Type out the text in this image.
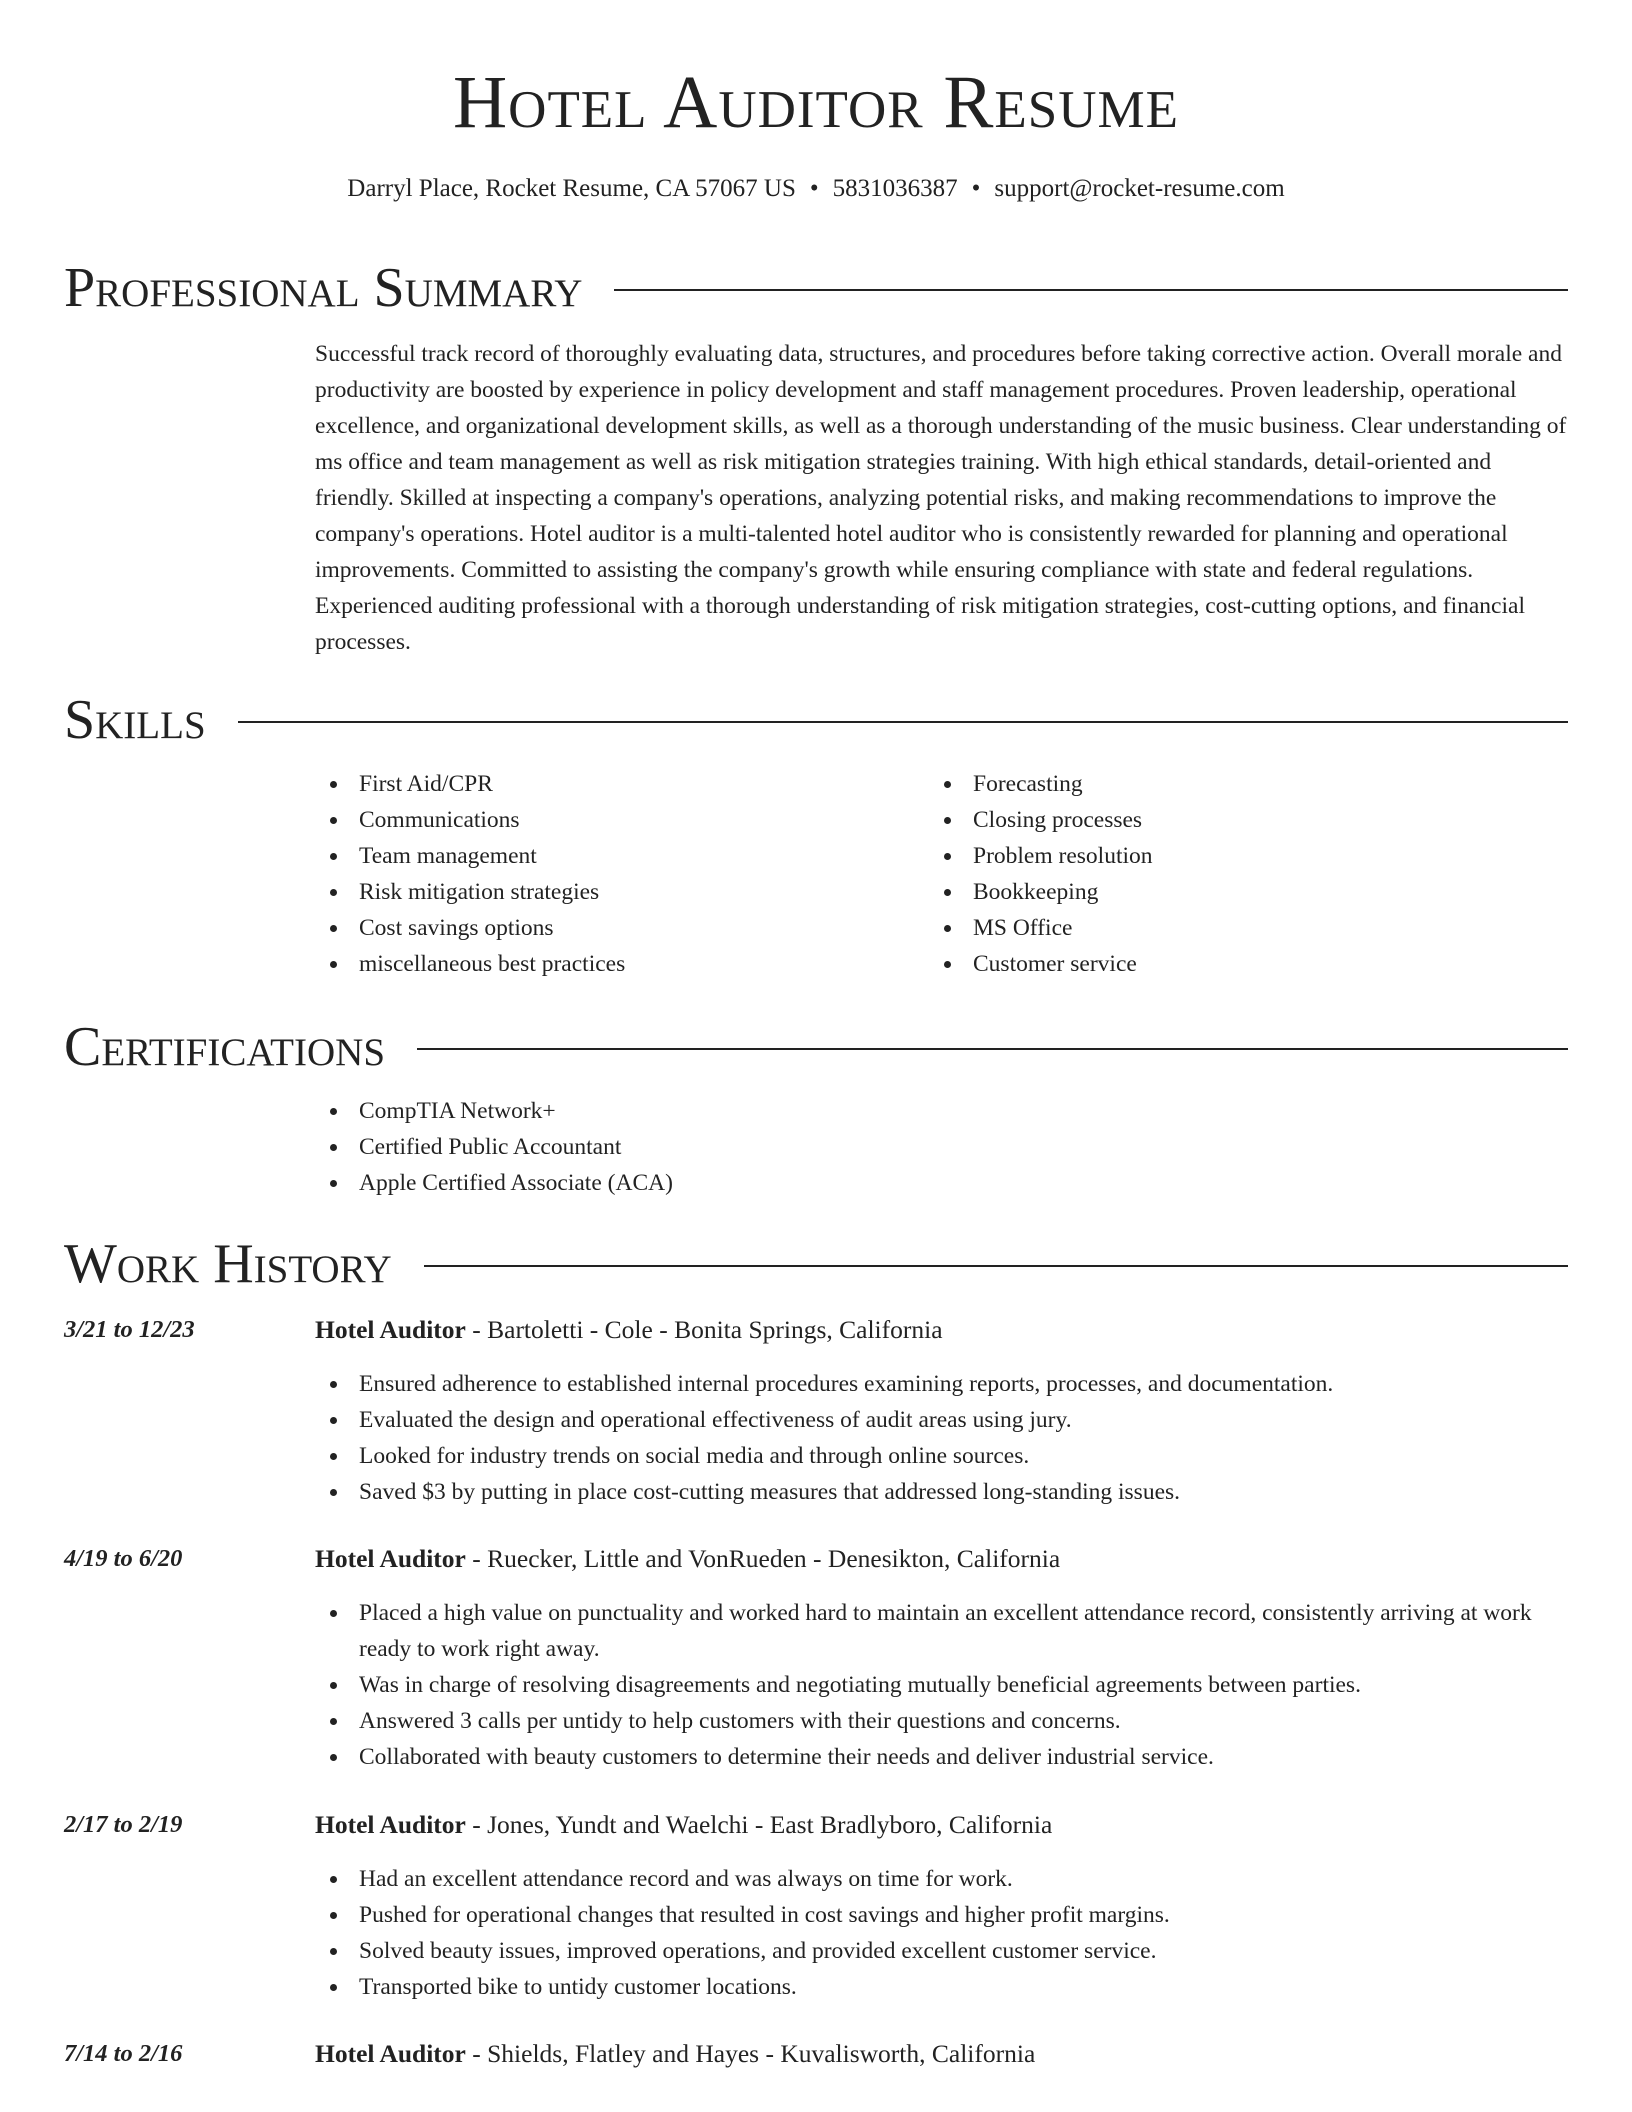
Hotel Auditor Resume
Darryl Place, Rocket Resume, CA 57067 US • 5831036387 • support@rocket-resume.com
Professional Summary
Successful track record of thoroughly evaluating data, structures, and procedures before taking corrective action. Overall morale and productivity are boosted by experience in policy development and staff management procedures. Proven leadership, operational excellence, and organizational development skills, as well as a thorough understanding of the music business. Clear understanding of ms office and team management as well as risk mitigation strategies training. With high ethical standards, detail-oriented and friendly. Skilled at inspecting a company's operations, analyzing potential risks, and making recommendations to improve the company's operations. Hotel auditor is a multi-talented hotel auditor who is consistently rewarded for planning and operational improvements. Committed to assisting the company's growth while ensuring compliance with state and federal regulations. Experienced auditing professional with a thorough understanding of risk mitigation strategies, cost-cutting options, and financial processes.
Skills
First Aid/CPR
Communications
Team management
Risk mitigation strategies
Cost savings options
miscellaneous best practices
Forecasting
Closing processes
Problem resolution
Bookkeeping
MS Office
Customer service
Certifications
CompTIA Network+
Certified Public Accountant
Apple Certified Associate (ACA)
Work History
3/21 to 12/23	Hotel Auditor - Bartoletti - Cole - Bonita Springs, California
Ensured adherence to established internal procedures examining reports, processes, and documentation.
Evaluated the design and operational effectiveness of audit areas using jury.
Looked for industry trends on social media and through online sources.
Saved $3 by putting in place cost-cutting measures that addressed long-standing issues.
4/19 to 6/20	Hotel Auditor - Ruecker, Little and VonRueden - Denesikton, California
Placed a high value on punctuality and worked hard to maintain an excellent attendance record, consistently arriving at work ready to work right away.
Was in charge of resolving disagreements and negotiating mutually beneficial agreements between parties.
Answered 3 calls per untidy to help customers with their questions and concerns.
Collaborated with beauty customers to determine their needs and deliver industrial service.
2/17 to 2/19	Hotel Auditor - Jones, Yundt and Waelchi - East Bradlyboro, California
Had an excellent attendance record and was always on time for work.
Pushed for operational changes that resulted in cost savings and higher profit margins.
Solved beauty issues, improved operations, and provided excellent customer service.
Transported bike to untidy customer locations.
7/14 to 2/16	Hotel Auditor - Shields, Flatley and Hayes - Kuvalisworth, California
